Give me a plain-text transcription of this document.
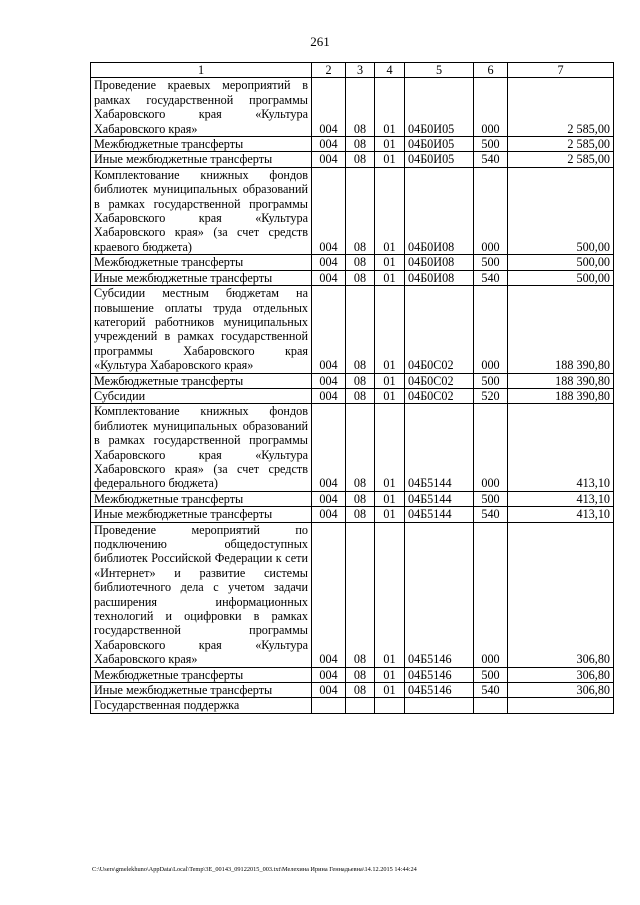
261
1	2	3	4	5	6	7
Проведение краевых мероприятий в рамках государственной программы Хабаровского края «Культура Хабаровского края»	004	08	01	04Б0И05	000	2 585,00
Межбюджетные трансферты	004	08	01	04Б0И05	500	2 585,00
Иные межбюджетные трансферты	004	08	01	04Б0И05	540	2 585,00
Комплектование книжных фондов библиотек муниципальных образований в рамках государственной программы Хабаровского края «Культура Хабаровского края» (за счет средств краевого бюджета)	004	08	01	04Б0И08	000	500,00
Межбюджетные трансферты	004	08	01	04Б0И08	500	500,00
Иные межбюджетные трансферты	004	08	01	04Б0И08	540	500,00
Субсидии местным бюджетам на повышение оплаты труда отдельных категорий работников муниципальных учреждений в рамках государственной программы Хабаровского края «Культура Хабаровского края»	004	08	01	04Б0С02	000	188 390,80
Межбюджетные трансферты	004	08	01	04Б0С02	500	188 390,80
Субсидии	004	08	01	04Б0С02	520	188 390,80
Комплектование книжных фондов библиотек муниципальных образований в рамках государственной программы Хабаровского края «Культура Хабаровского края» (за счет средств федерального бюджета)	004	08	01	04Б5144	000	413,10
Межбюджетные трансферты	004	08	01	04Б5144	500	413,10
Иные межбюджетные трансферты	004	08	01	04Б5144	540	413,10
Проведение мероприятий по подключению общедоступных библиотек Российской Федерации к сети «Интернет» и развитие системы библиотечного дела с учетом задачи расширения информационных технологий и оцифровки в рамках государственной программы Хабаровского края «Культура Хабаровского края»	004	08	01	04Б5146	000	306,80
Межбюджетные трансферты	004	08	01	04Б5146	500	306,80
Иные межбюджетные трансферты	004	08	01	04Б5146	540	306,80
Государственная поддержка						
C:\Users\gmelekhuno\AppData\Local\Temp\3E_00143_09122015_003.txt\Мелехина Ирина Геннадьевна\14.12.2015 14:44:24
